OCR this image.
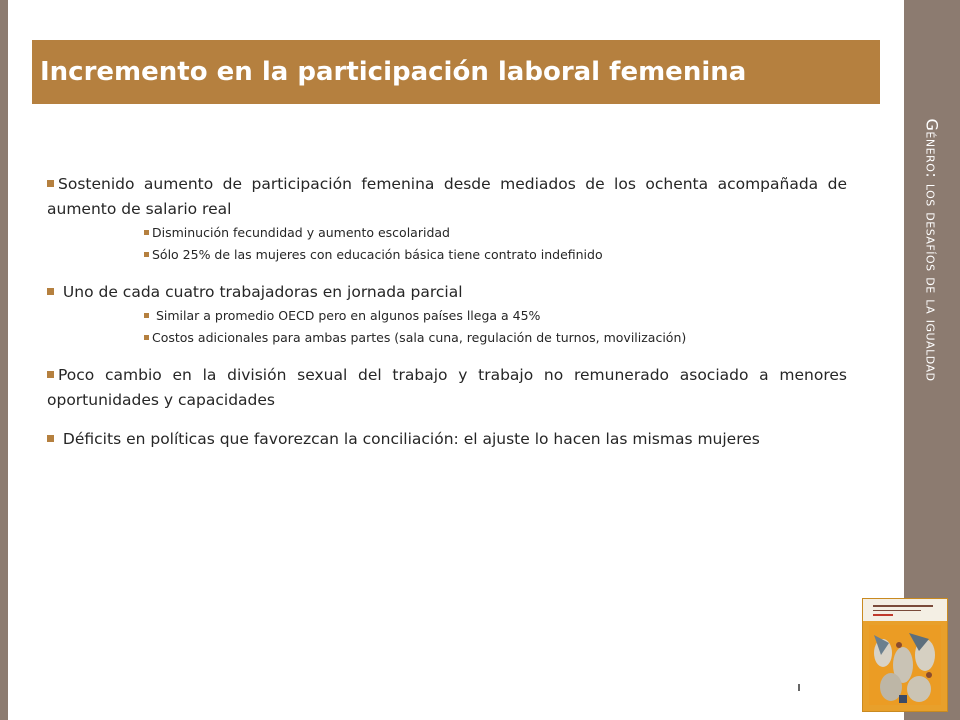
Género: los desafíos de la igualdad
Incremento en la participación laboral femenina
Sostenido aumento de participación femenina desde mediados de los ochenta acompañada de aumento de salario real
Disminución fecundidad y aumento escolaridad
Sólo 25% de las mujeres con educación básica tiene contrato indefinido
Uno de cada cuatro trabajadoras en jornada parcial
Similar a promedio OECD pero en algunos países llega a 45%
Costos adicionales para ambas partes (sala cuna, regulación de turnos, movilización)
Poco cambio en la división sexual del trabajo y trabajo no remunerado asociado a menores oportunidades y capacidades
Déficits en políticas que favorezcan la conciliación: el ajuste lo hacen las mismas mujeres
